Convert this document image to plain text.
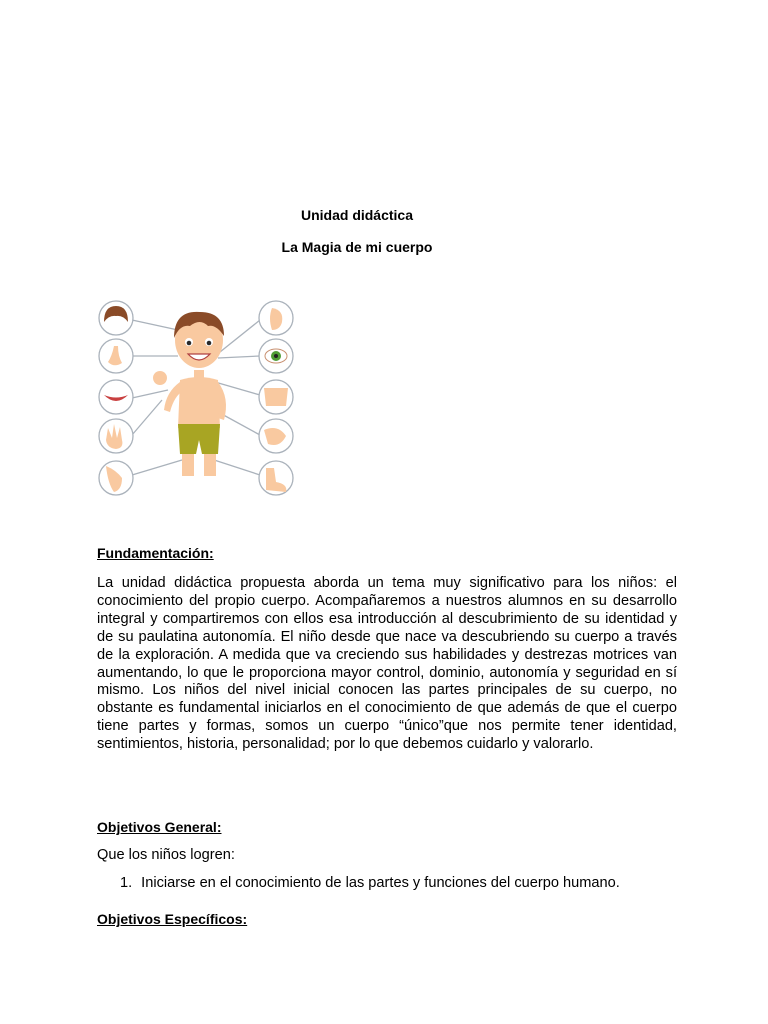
Unidad didáctica

La Magia de mi cuerpo

Fundamentación:

La unidad didáctica propuesta aborda un tema muy significativo para los niños: el conocimiento del propio cuerpo. Acompañaremos a nuestros alumnos en su desarrollo integral y compartiremos con ellos esa introducción al descubrimiento de su identidad y de su paulatina autonomía. El niño desde que nace va descubriendo su cuerpo a través de la exploración. A medida que va creciendo sus habilidades y destrezas motrices van aumentando, lo que le proporciona mayor control, dominio, autonomía y seguridad en sí mismo. Los niños del nivel inicial conocen las partes principales de su cuerpo, no obstante es fundamental iniciarlos en el conocimiento de que además de que el cuerpo tiene partes y formas, somos un cuerpo “único”que nos permite tener identidad, sentimientos, historia, personalidad; por lo que debemos cuidarlo y valorarlo.

Objetivos General:

Que los niños logren:

1. Iniciarse en el conocimiento de las partes y funciones del cuerpo humano.

Objetivos Específicos:
